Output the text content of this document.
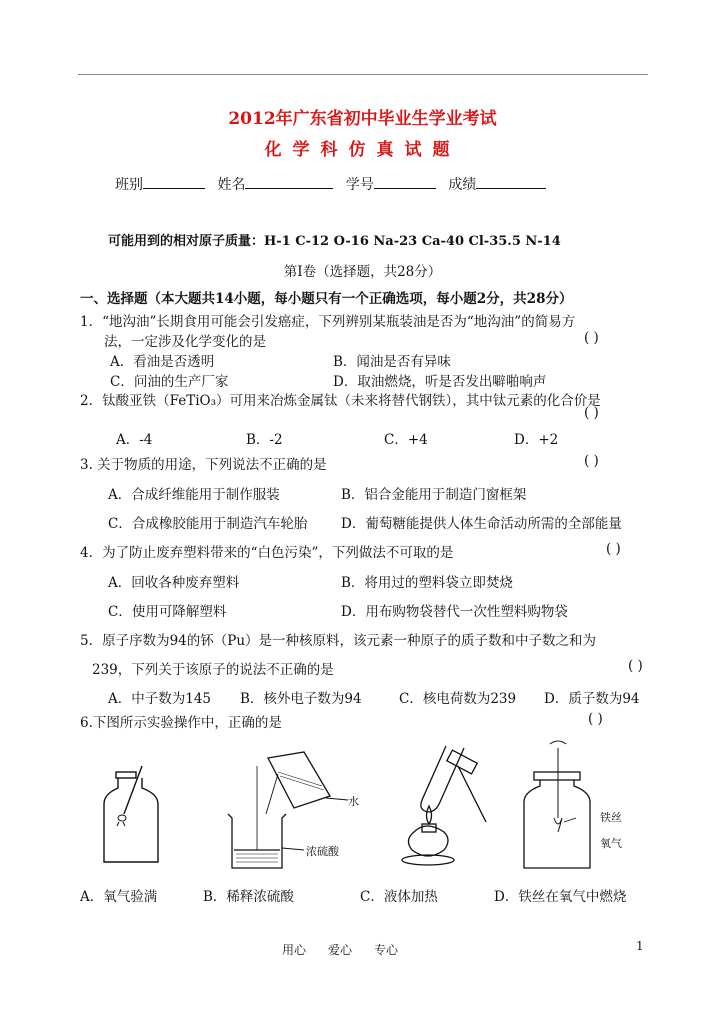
2012年广东省初中毕业生学业考试
化学科仿真试题
班别	姓名	学号	成绩
可能用到的相对原子质量：H-1 C-12 O-16 Na-23 Ca-40 Cl-35.5 N-14
第Ⅰ卷（选择题，共28分）
一、选择题（本大题共14小题，每小题只有一个正确选项，每小题2分，共28分）
1．“地沟油”长期食用可能会引发癌症，下列辨别某瓶装油是否为“地沟油”的简易方
法，一定涉及化学变化的是	( )
A．看油是否透明	B．闻油是否有异味
C．问油的生产厂家	D．取油燃烧，听是否发出噼啪响声
2．钛酸亚铁（FeTiO₃）可用来冶炼金属钛（未来将替代钢铁），其中钛元素的化合价是
( )
A．-4	B．-2	C．+4	D．+2
3. 关于物质的用途，下列说法不正确的是	( )
A．合成纤维能用于制作服装	B．铝合金能用于制造门窗框架
C．合成橡胶能用于制造汽车轮胎 D．葡萄糖能提供人体生命活动所需的全部能量
4．为了防止废弃塑料带来的“白色污染”，下列做法不可取的是	( )
A．回收各种废弃塑料	B．将用过的塑料袋立即焚烧
C．使用可降解塑料	D．用布购物袋替代一次性塑料购物袋
5．原子序数为94的钚（Pu）是一种核原料，该元素一种原子的质子数和中子数之和为
239，下列关于该原子的说法不正确的是	( )
A．中子数为145 B．核外电子数为94	C．核电荷数为239 D．质子数为94
6.下图所示实验操作中，正确的是	( )
水
浓硫酸
铁丝
氧气
A．氧气验满	B．稀释浓硫酸	C．液体加热	D．铁丝在氧气中燃烧
用心 爱心 专心	1
